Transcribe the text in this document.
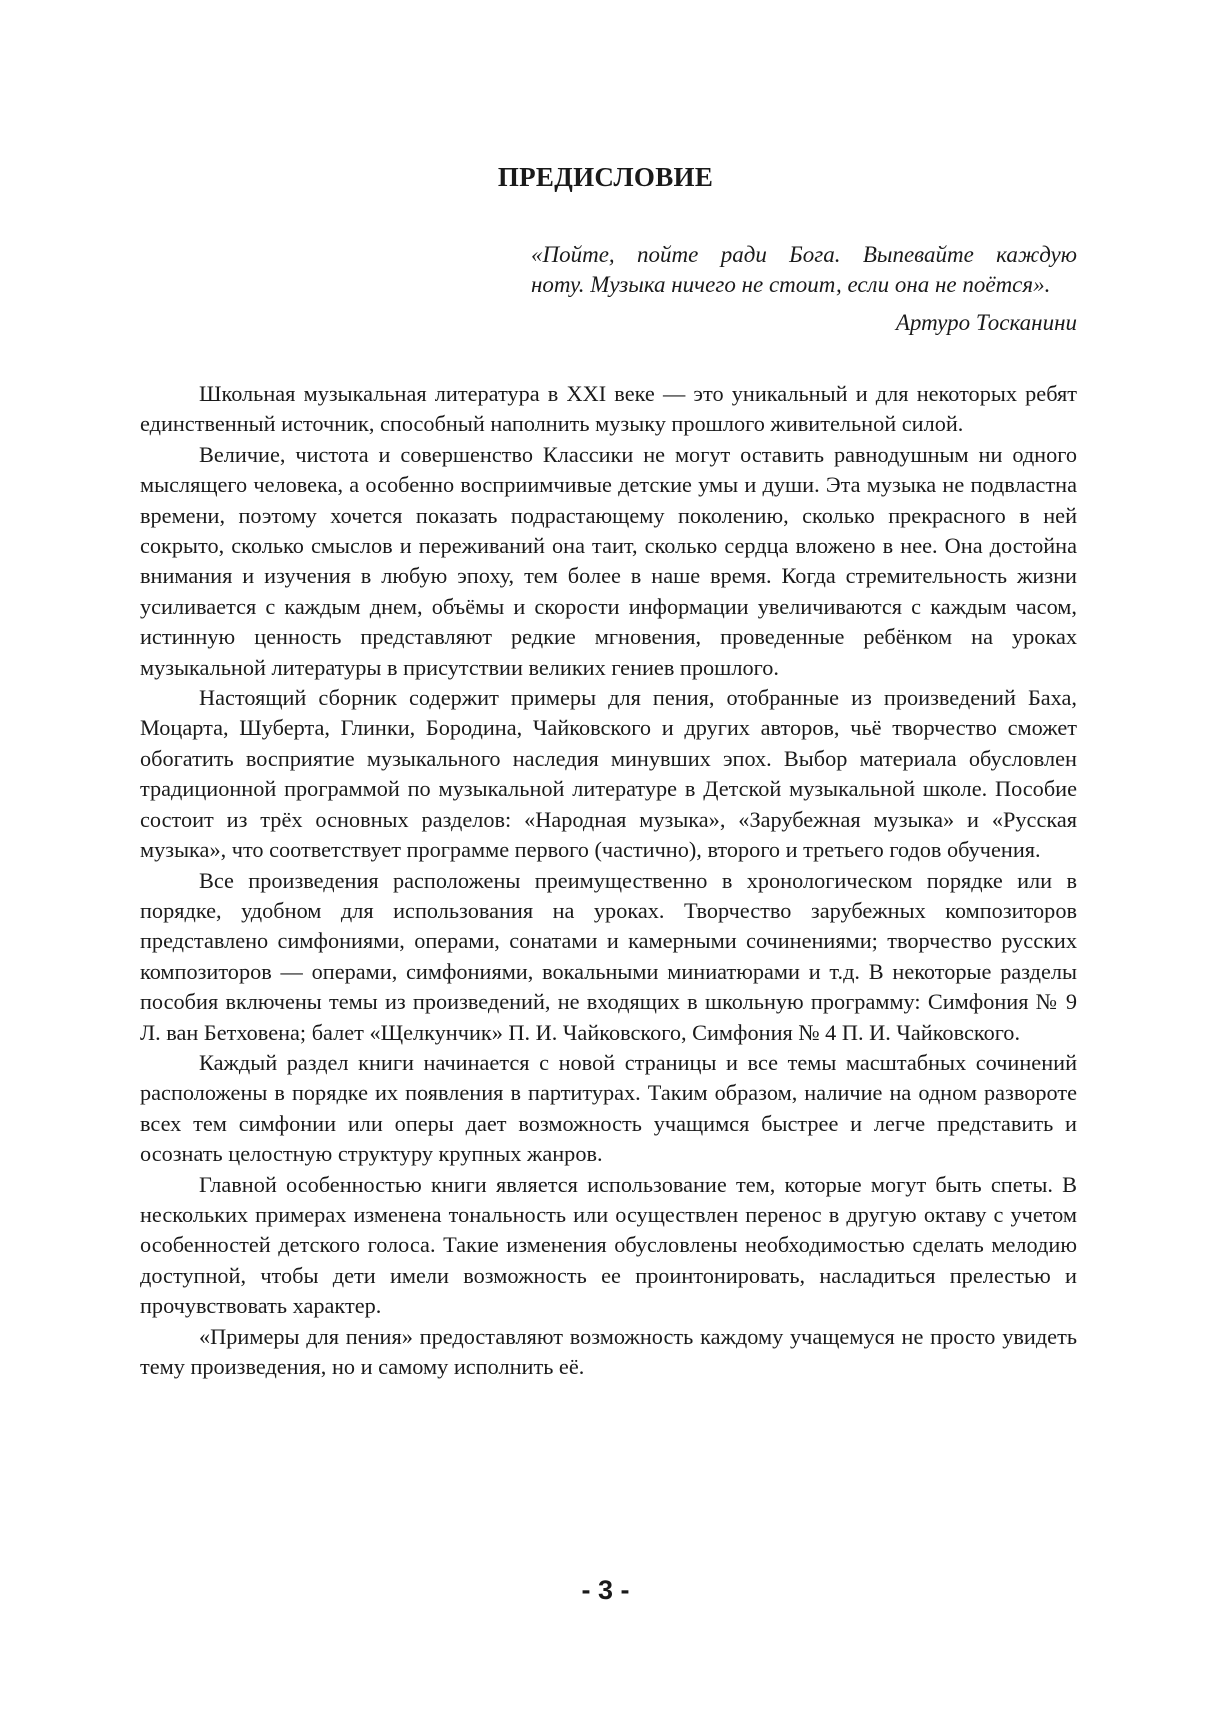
ПРЕДИСЛОВИЕ

«Пойте, пойте ради Бога. Выпевайте каждую
ноту. Музыка ничего не стоит, если она не поётся».

Артуро Тосканини

Школьная музыкальная литература в XXI веке — это уникальный и для некоторых ребят единственный источник, способный наполнить музыку прошлого живительной силой.

Величие, чистота и совершенство Классики не могут оставить равнодушным ни одного мыслящего человека, а особенно восприимчивые детские умы и души. Эта музыка не подвластна времени, поэтому хочется показать подрастающему поколению, сколько прекрасного в ней сокрыто, сколько смыслов и переживаний она таит, сколько сердца вложено в нее. Она достойна внимания и изучения в любую эпоху, тем более в наше время. Когда стремительность жизни усиливается с каждым днем, объёмы и скорости информации увеличиваются с каждым часом, истинную ценность представляют редкие мгновения, проведенные ребёнком на уроках музыкальной литературы в присутствии великих гениев прошлого.

Настоящий сборник содержит примеры для пения, отобранные из произведений Баха, Моцарта, Шуберта, Глинки, Бородина, Чайковского и других авторов, чьё творчество сможет обогатить восприятие музыкального наследия минувших эпох. Выбор материала обусловлен традиционной программой по музыкальной литературе в Детской музыкальной школе. Пособие состоит из трёх основных разделов: «Народная музыка», «Зарубежная музыка» и «Русская музыка», что соответствует программе первого (частично), второго и третьего годов обучения.

Все произведения расположены преимущественно в хронологическом порядке или в порядке, удобном для использования на уроках. Творчество зарубежных композиторов представлено симфониями, операми, сонатами и камерными сочинениями; творчество русских композиторов — операми, симфониями, вокальными миниатюрами и т.д. В некоторые разделы пособия включены темы из произведений, не входящих в школьную программу: Симфония № 9 Л. ван Бетховена; балет «Щелкунчик» П. И. Чайковского, Симфония № 4 П. И. Чайковского.

Каждый раздел книги начинается с новой страницы и все темы масштабных сочинений расположены в порядке их появления в партитурах. Таким образом, наличие на одном развороте всех тем симфонии или оперы дает возможность учащимся быстрее и легче представить и осознать целостную структуру крупных жанров.

Главной особенностью книги является использование тем, которые могут быть спеты. В нескольких примерах изменена тональность или осуществлен перенос в другую октаву с учетом особенностей детского голоса. Такие изменения обусловлены необходимостью сделать мелодию доступной, чтобы дети имели возможность ее проинтонировать, насладиться прелестью и прочувствовать характер.

«Примеры для пения» предоставляют возможность каждому учащемуся не просто увидеть тему произведения, но и самому исполнить её.

- 3 -
